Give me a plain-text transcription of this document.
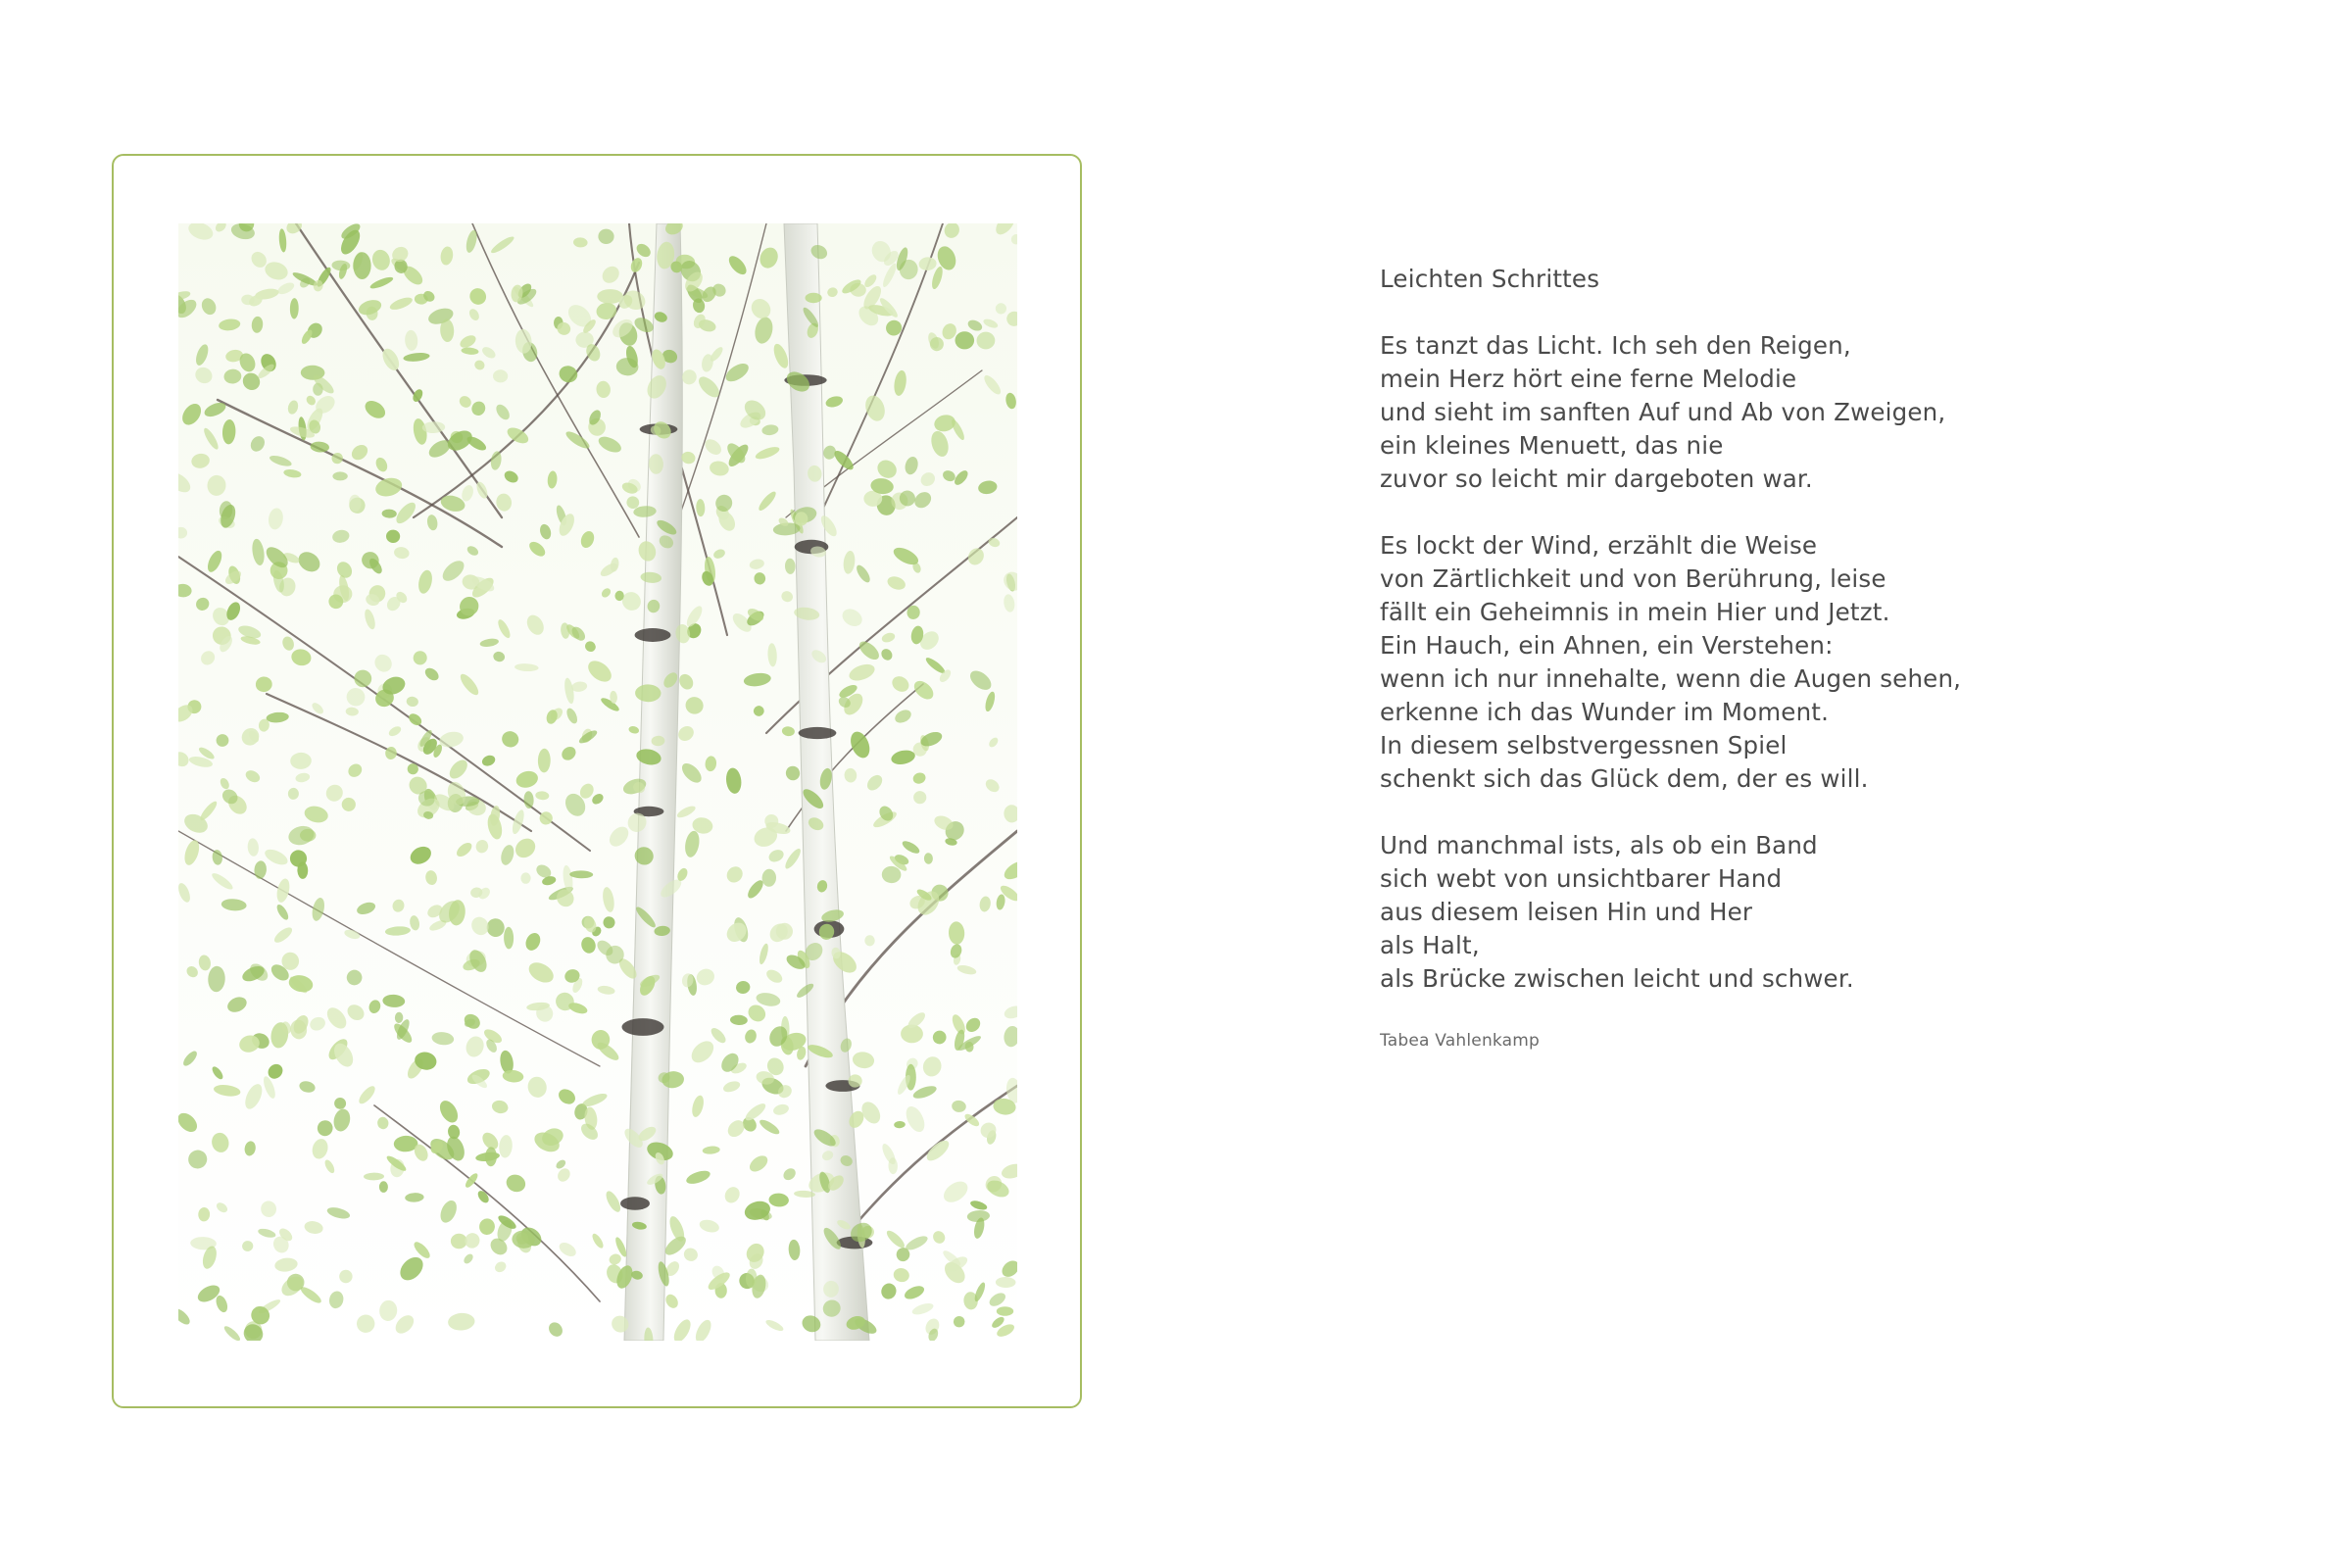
Leichten Schrittes
Es tanzt das Licht. Ich seh den Reigen,
mein Herz hört eine ferne Melodie
und sieht im sanften Auf und Ab von Zweigen,
ein kleines Menuett, das nie
zuvor so leicht mir dargeboten war.
Es lockt der Wind, erzählt die Weise
von Zärtlichkeit und von Berührung, leise
fällt ein Geheimnis in mein Hier und Jetzt.
Ein Hauch, ein Ahnen, ein Verstehen:
wenn ich nur innehalte, wenn die Augen sehen,
erkenne ich das Wunder im Moment.
In diesem selbstvergessnen Spiel
schenkt sich das Glück dem, der es will.
Und manchmal ists, als ob ein Band
sich webt von unsichtbarer Hand
aus diesem leisen Hin und Her
als Halt,
als Brücke zwischen leicht und schwer.
Tabea Vahlenkamp
